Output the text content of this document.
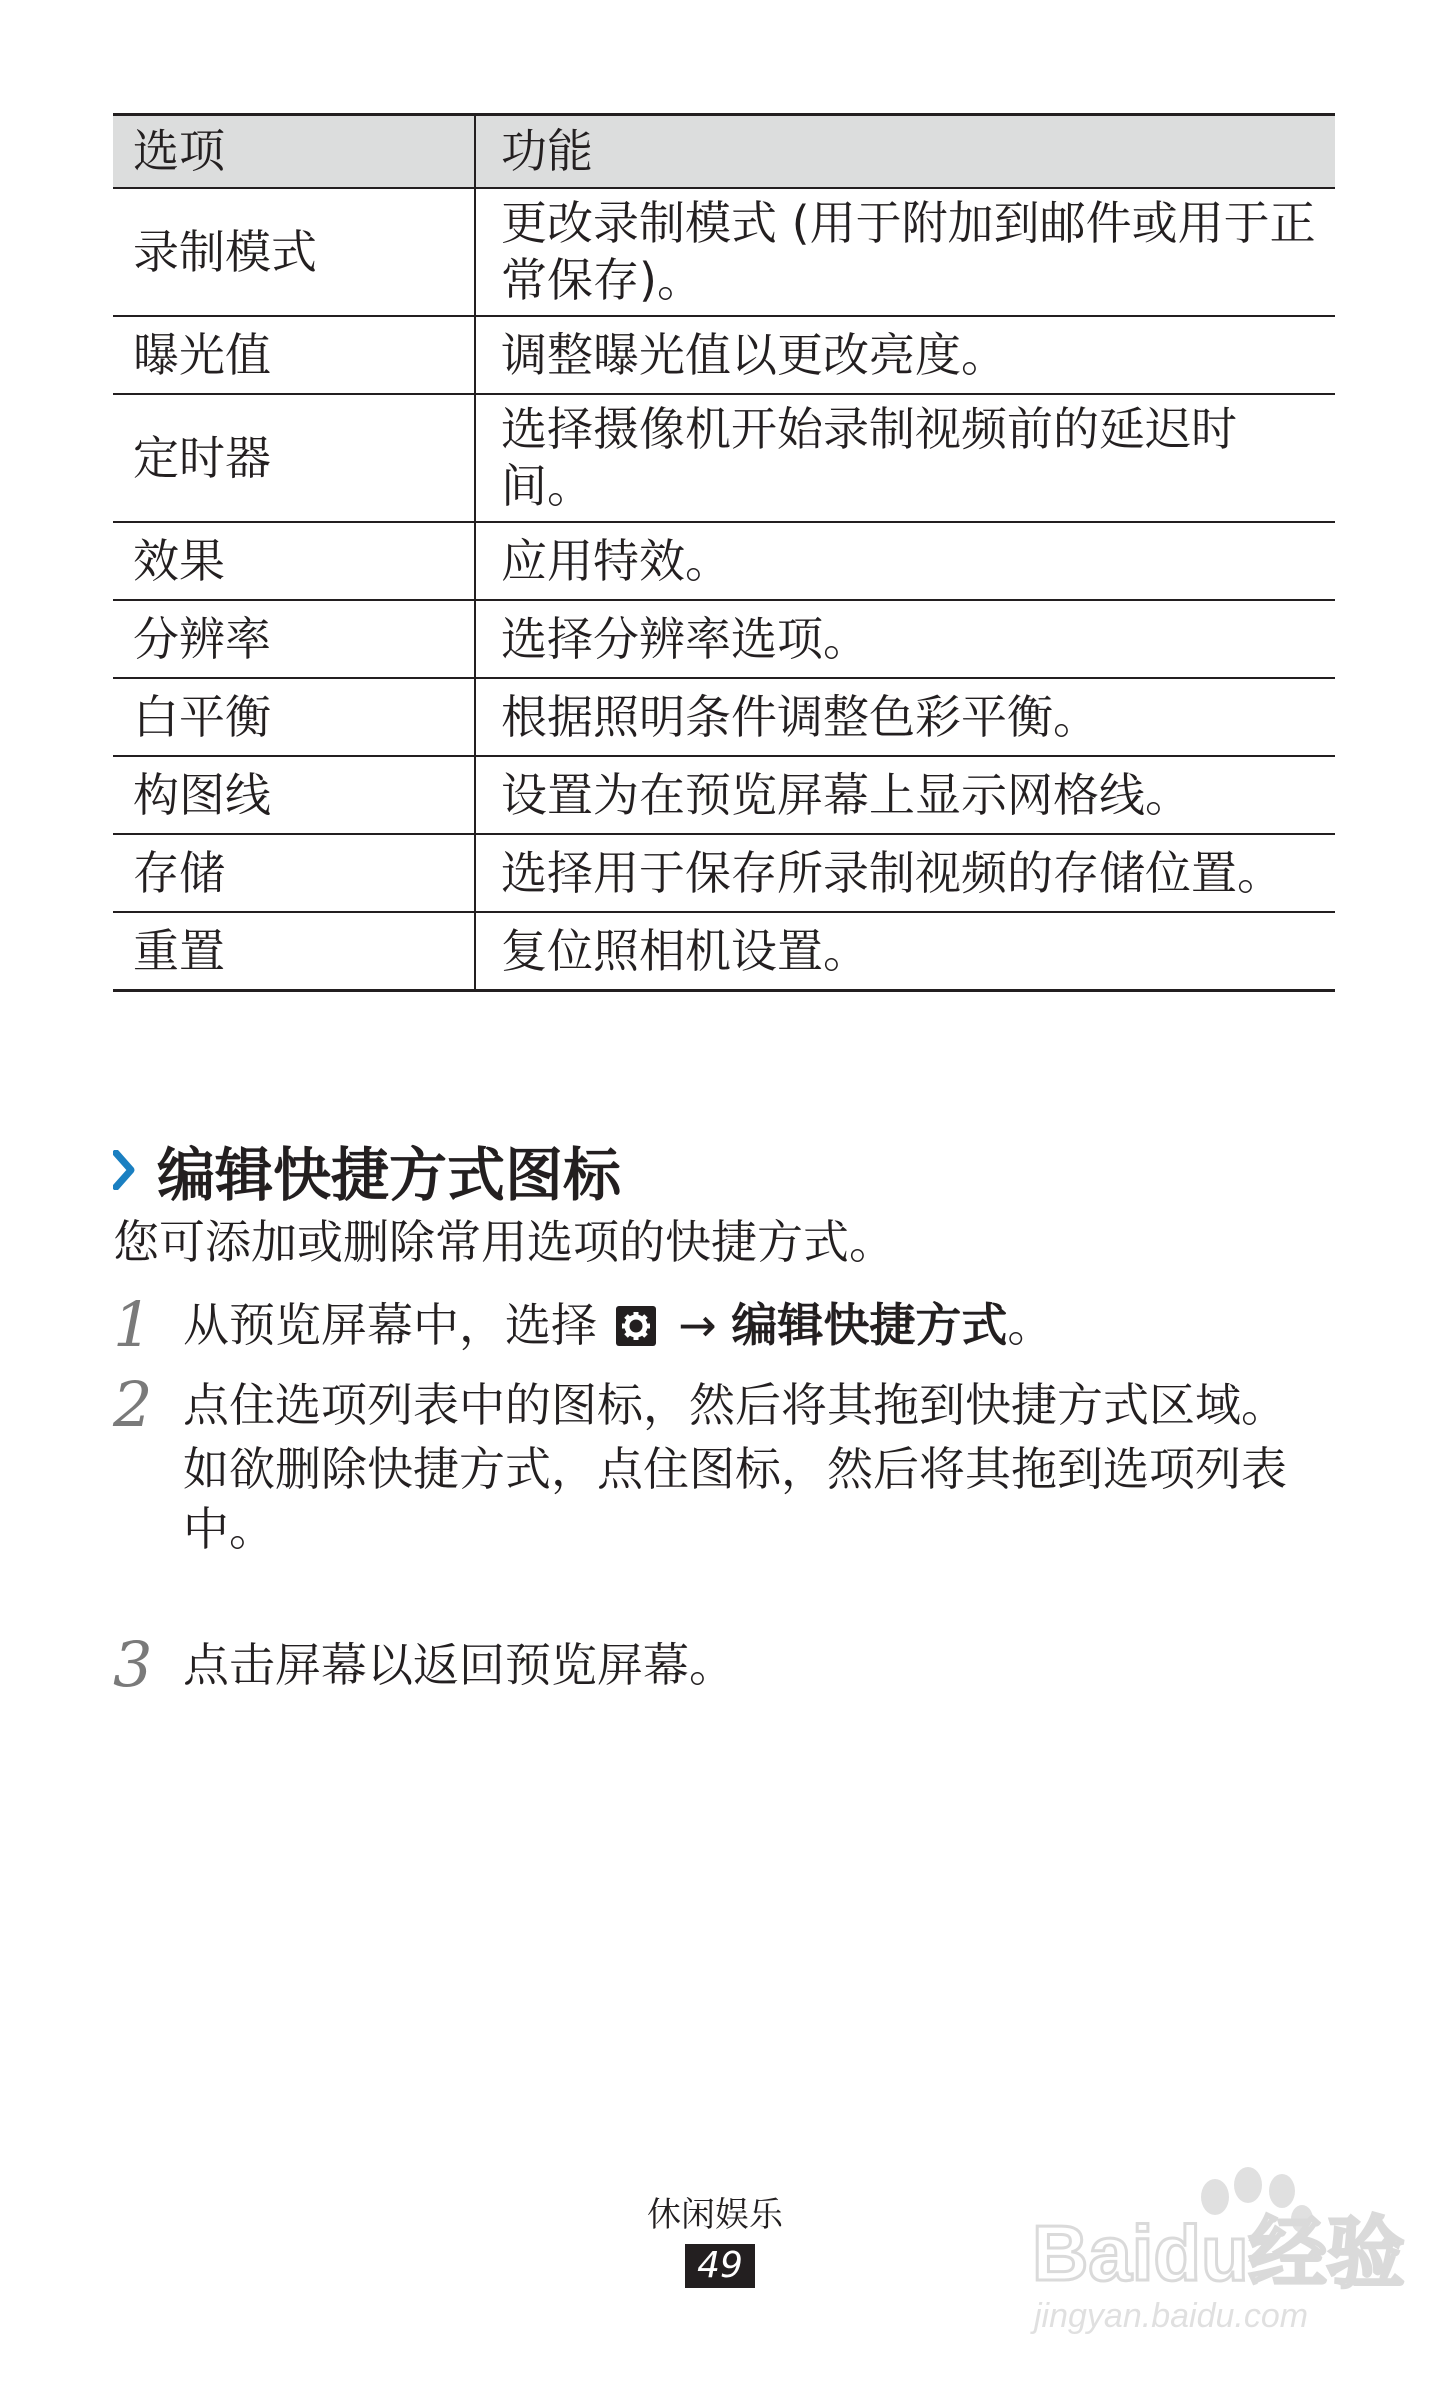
选项	功能
录制模式	更改录制模式 (用于附加到邮件或用于正常保存)。
曝光值	调整曝光值以更改亮度。
定时器	选择摄像机开始录制视频前的延迟时间。
效果	应用特效。
分辨率	选择分辨率选项。
白平衡	根据照明条件调整色彩平衡。
构图线	设置为在预览屏幕上显示网格线。
存储	选择用于保存所录制视频的存储位置。
重置	复位照相机设置。
编辑快捷方式图标
您可添加或删除常用选项的快捷方式。
1 从预览屏幕中，选择
→ 编辑快捷方式。

2 点住选项列表中的图标，然后将其拖到快捷方式区域。

如欲删除快捷方式，点住图标，然后将其拖到选项列表中。

3 点击屏幕以返回预览屏幕。

休闲娱乐
49	Baidu经验
jingyan.baidu.com
